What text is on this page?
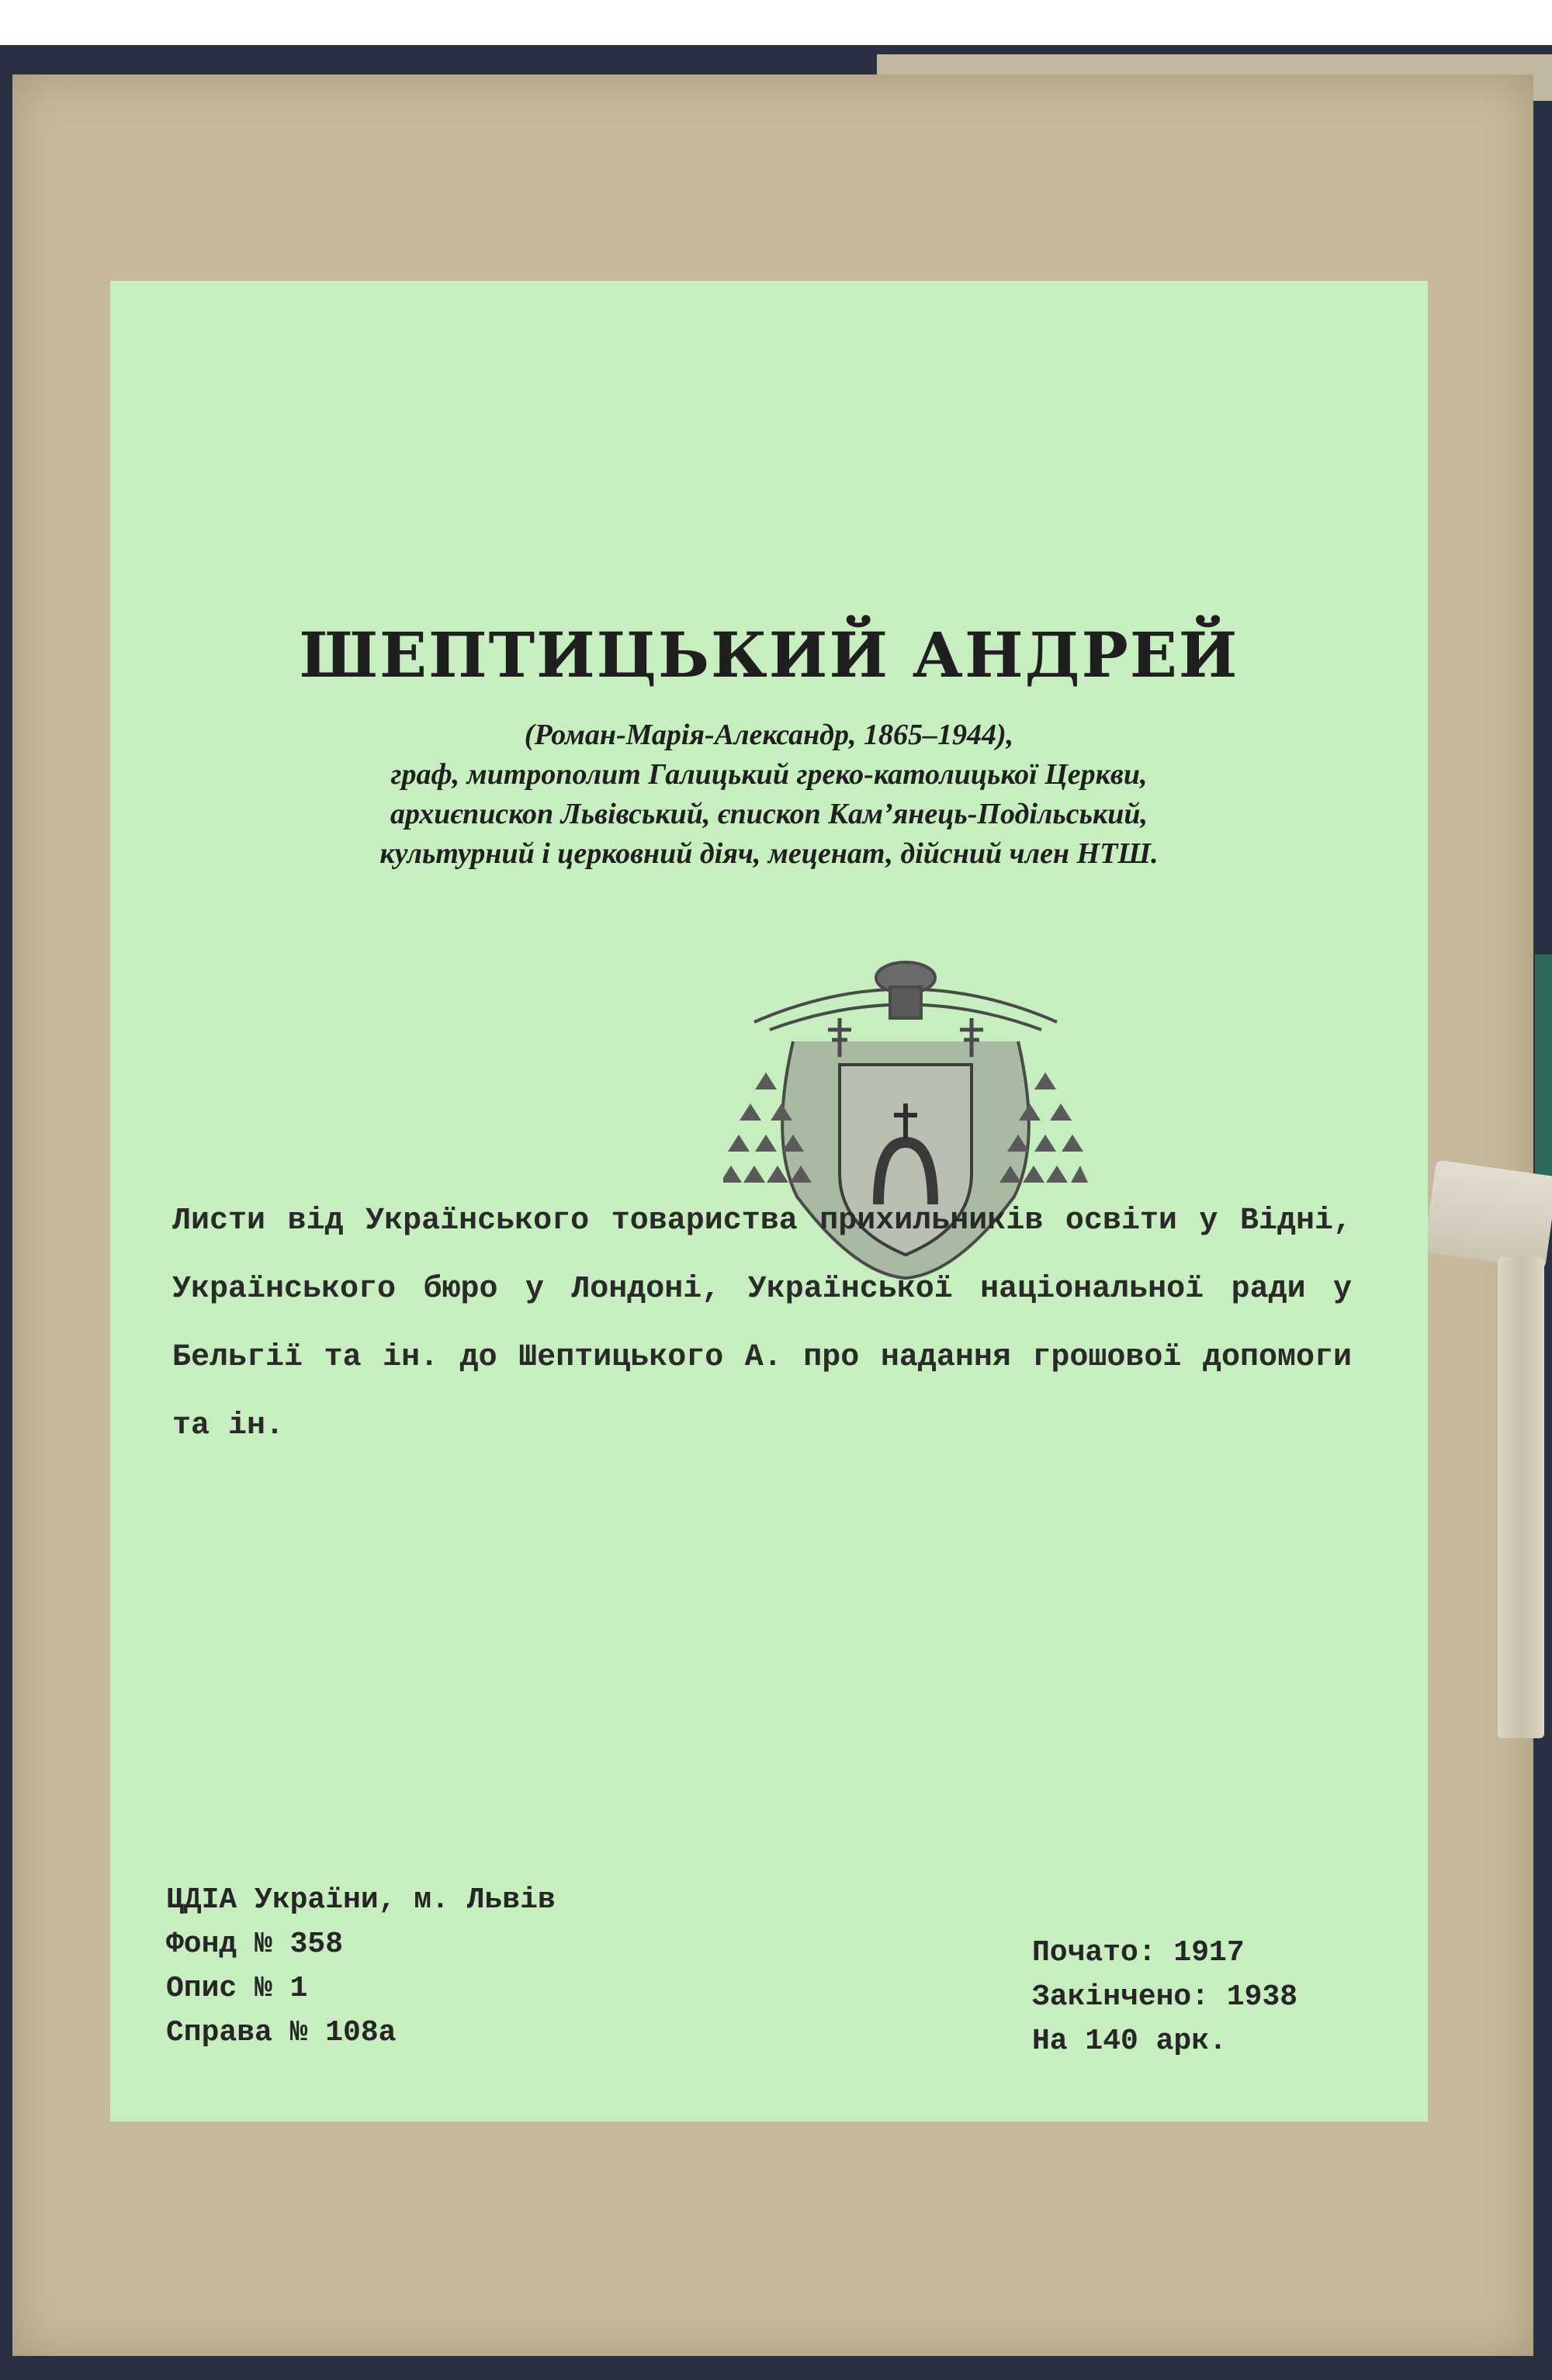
ШЕПТИЦЬКИЙ АНДРЕЙ
(Роман-Марія-Александр, 1865–1944),
граф, митрополит Галицький греко-католицької Церкви,
архиєпископ Львівський, єпископ Кам’янець-Подільський,
культурний і церковний діяч, меценат, дійсний член НТШ.
Листи від Українського товариства прихильників освіти у Відні, Українського бюро у Лондоні, Української національної ради у Бельгії та ін. до Шептицького А. про надання грошової допомоги та ін.
ЦДІА України, м. Львів
Фонд № 358
Опис № 1
Справа № 108а
Почато: 1917
Закінчено: 1938
На 140 арк.
